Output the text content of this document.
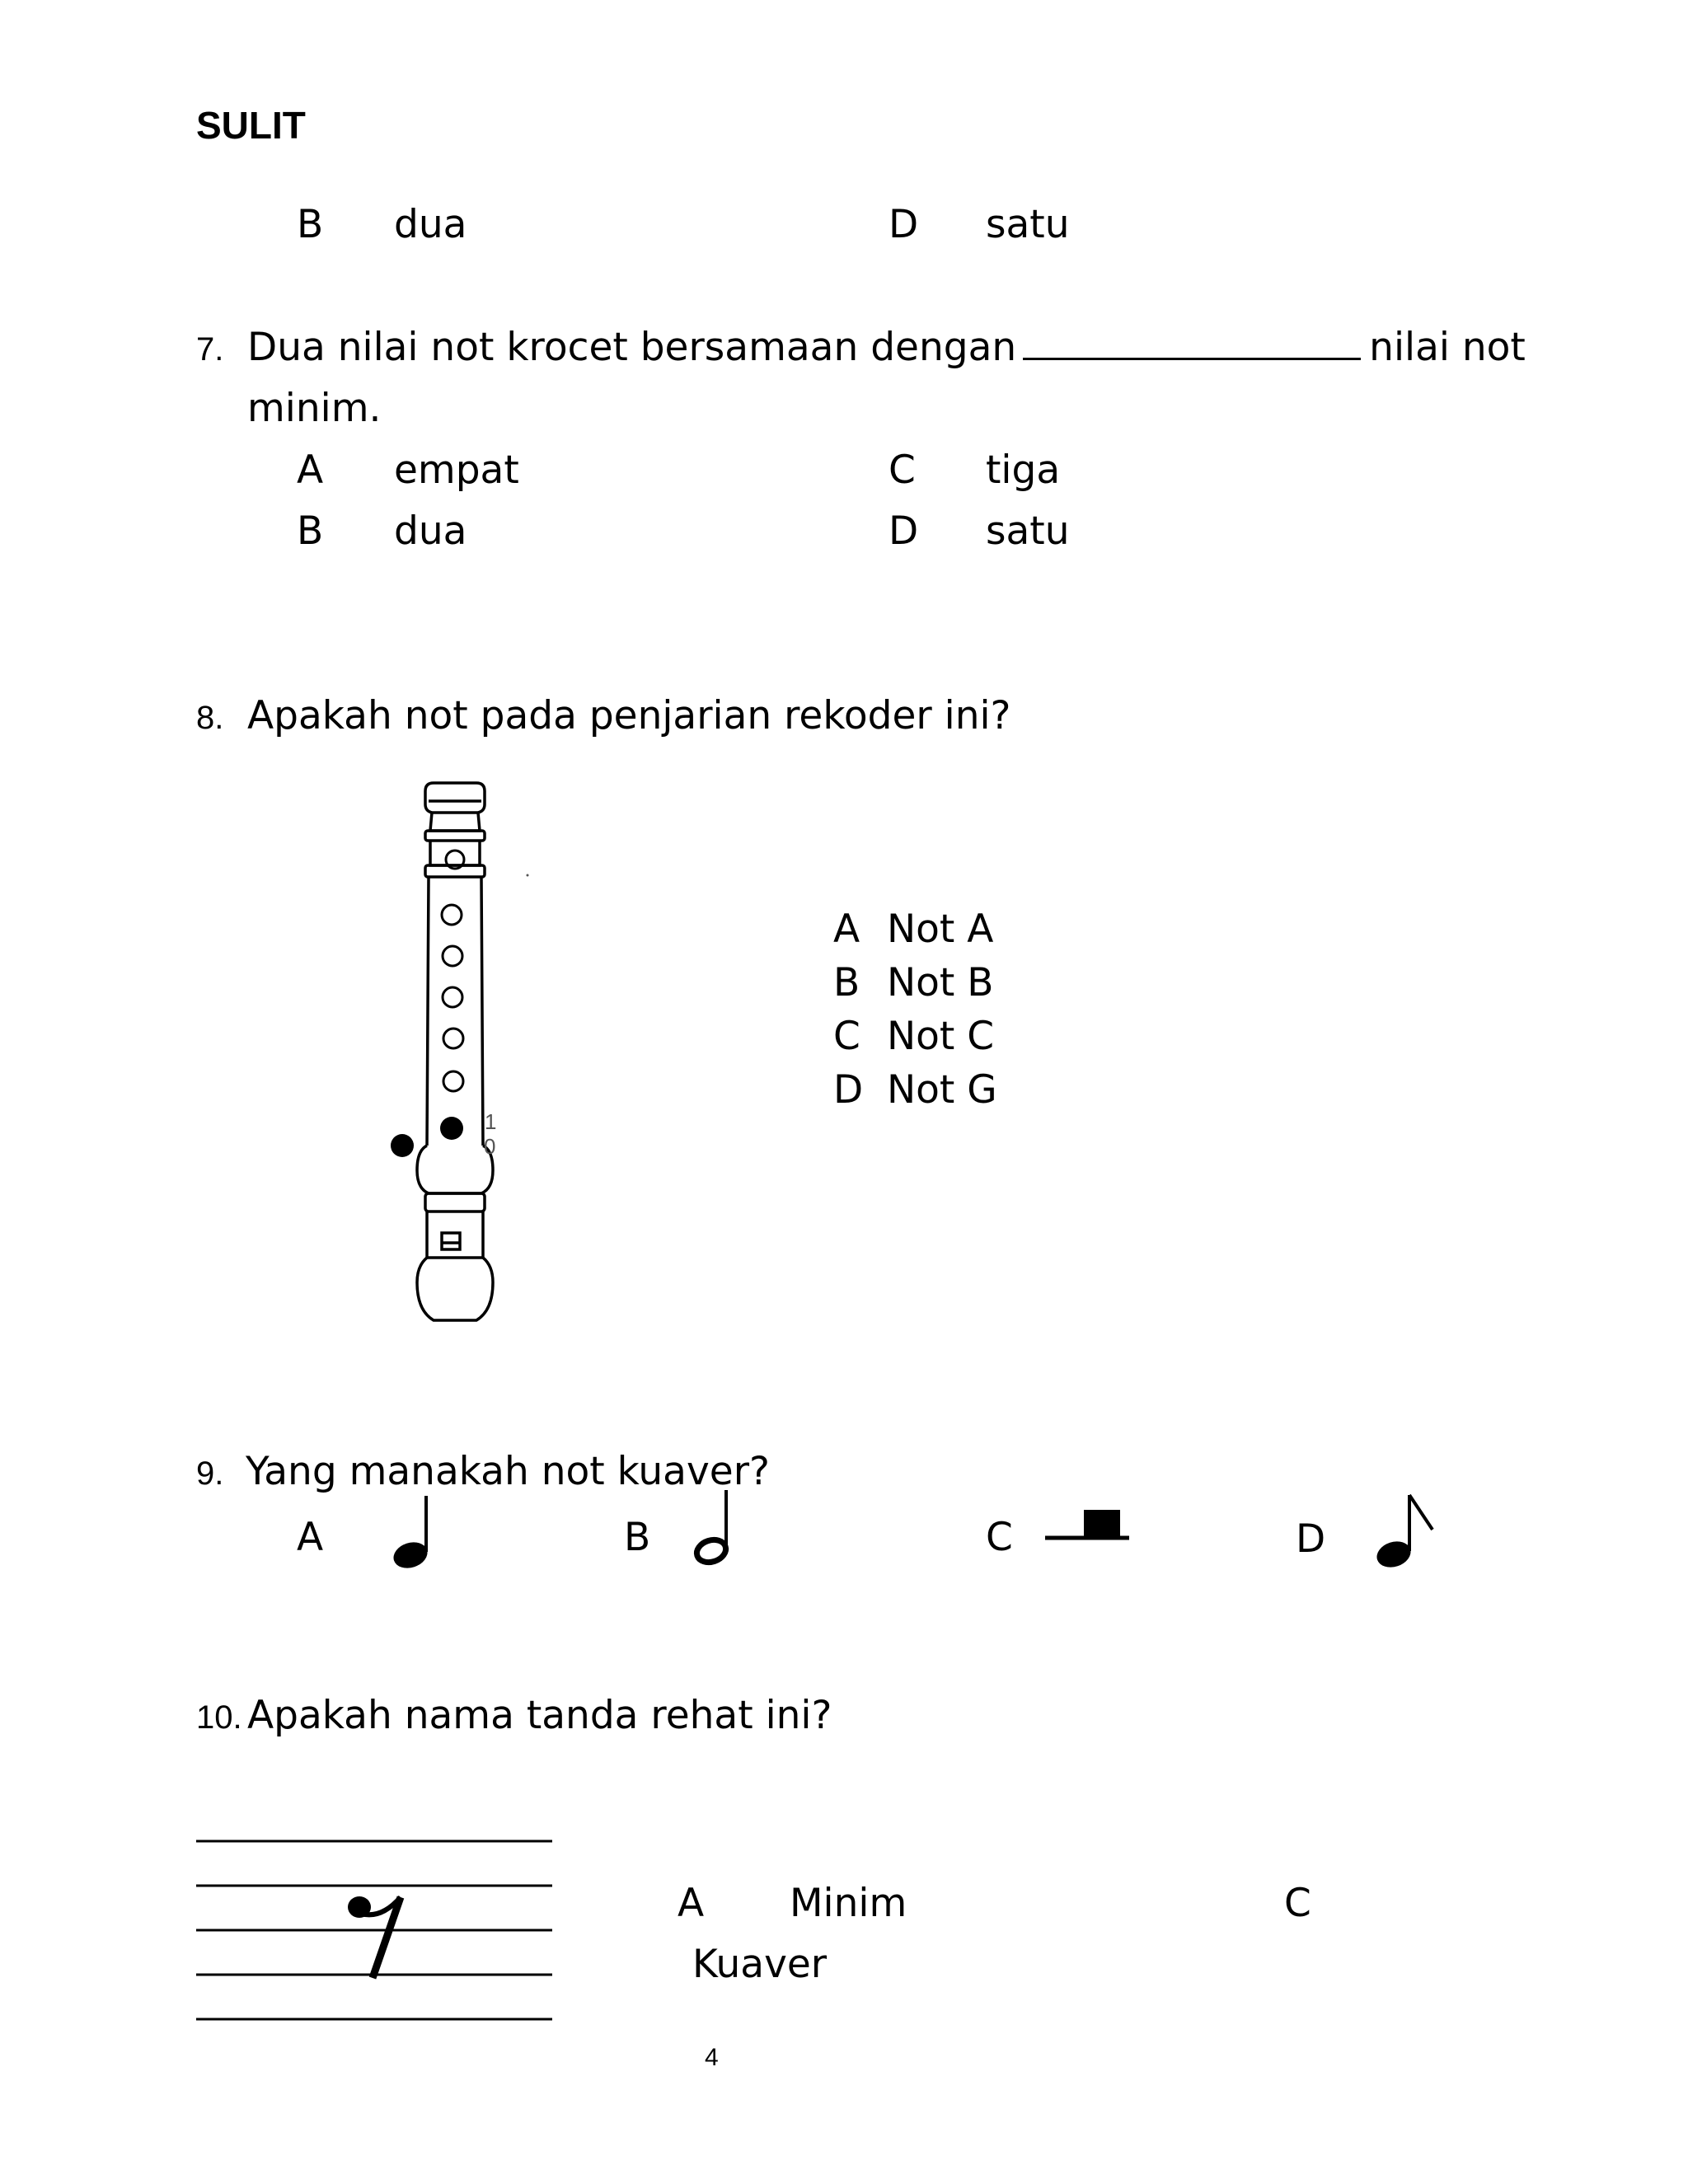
SULIT
B dua	D satu
7. Dua nilai not krocet bersamaan dengan	nilai not
minim.
A empat	C tiga
B dua	D satu
8. Apakah not pada penjarian rekoder ini?
1
0
A Not A
B Not B
C Not C
D Not G
9. Yang manakah not kuaver?
A	B	C	D
10. Apakah nama tanda rehat ini?
A Minim	C
Kuaver
4
